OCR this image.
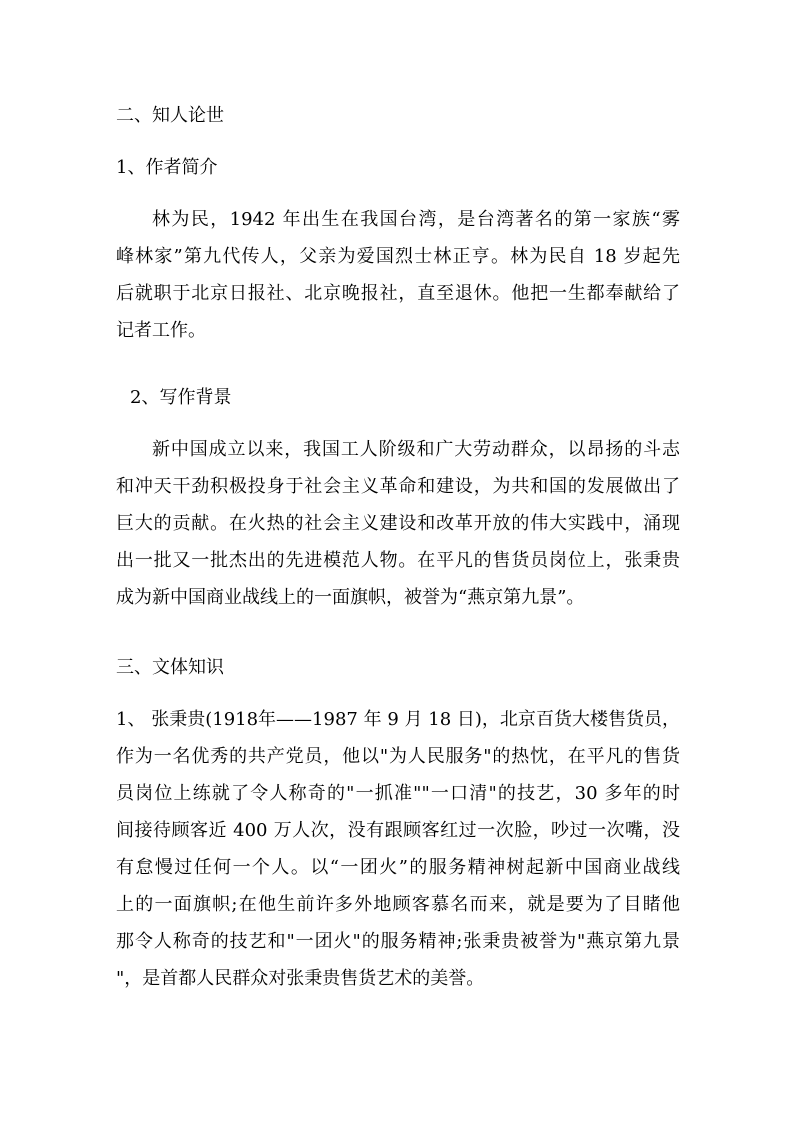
二、知人论世
1、作者简介
林为民，1942 年出生在我国台湾，是台湾著名的第一家族“雾
峰林家”第九代传人，父亲为爱国烈士林正亨。林为民自 18 岁起先
后就职于北京日报社、北京晚报社，直至退休。他把一生都奉献给了
记者工作。
2、写作背景
新中国成立以来，我国工人阶级和广大劳动群众，以昂扬的斗志
和冲天干劲积极投身于社会主义革命和建设，为共和国的发展做出了
巨大的贡献。在火热的社会主义建设和改革开放的伟大实践中，涌现
出一批又一批杰出的先进模范人物。在平凡的售货员岗位上，张秉贵
成为新中国商业战线上的一面旗帜，被誉为“燕京第九景”。
三、文体知识
1、 张秉贵(1918年——1987 年 9 月 18 日)，北京百货大楼售货员，
作为一名优秀的共产党员，他以"为人民服务"的热忱，在平凡的售货
员岗位上练就了令人称奇的"一抓准""一口清"的技艺，30 多年的时
间接待顾客近 400 万人次，没有跟顾客红过一次脸，吵过一次嘴，没
有怠慢过任何一个人。以“一团火”的服务精神树起新中国商业战线
上的一面旗帜;在他生前许多外地顾客慕名而来，就是要为了目睹他
那令人称奇的技艺和"一团火"的服务精神;张秉贵被誉为"燕京第九景
"，是首都人民群众对张秉贵售货艺术的美誉。
